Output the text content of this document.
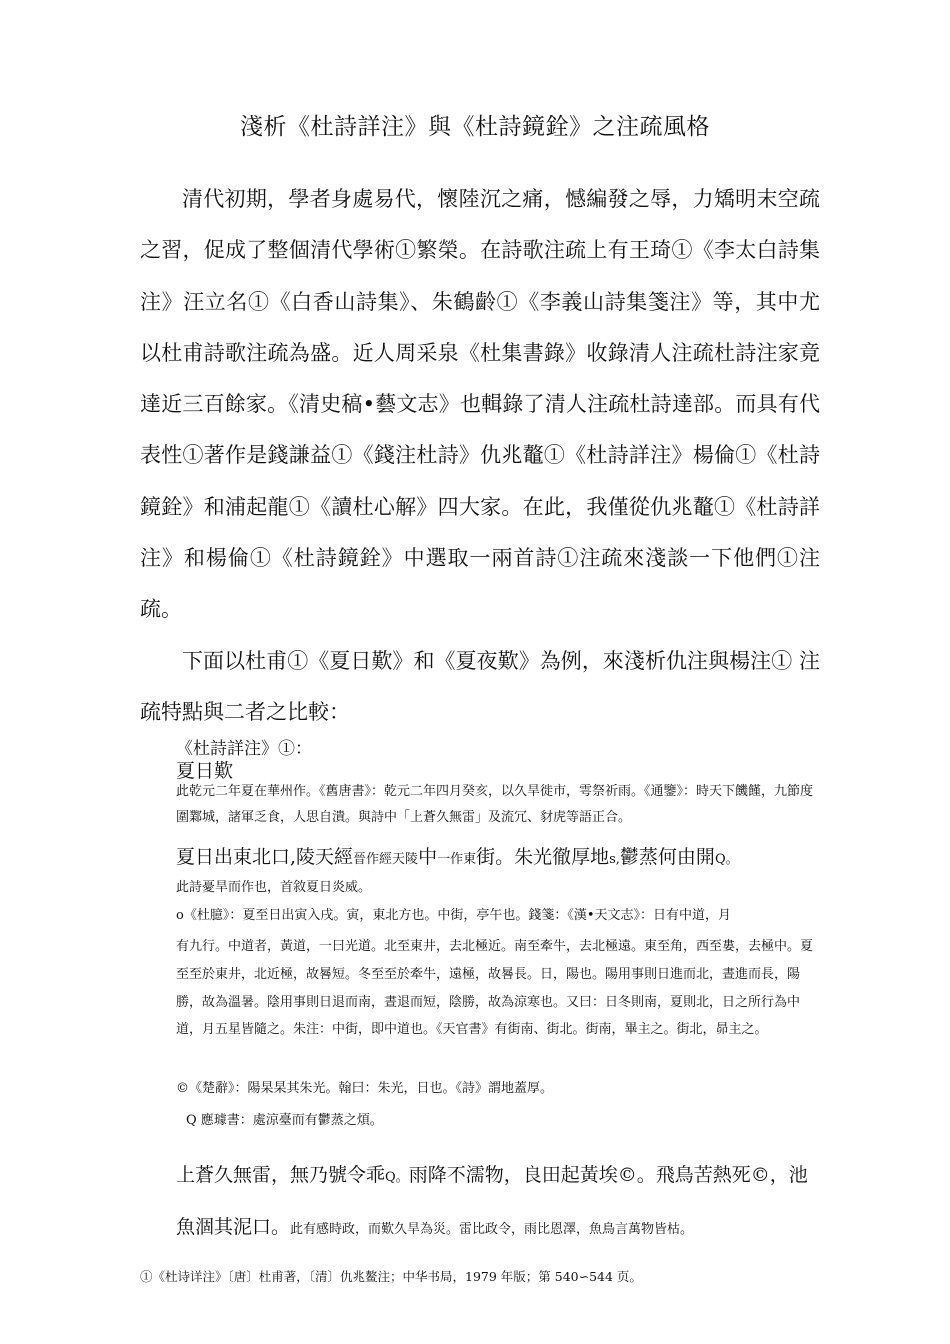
淺析《杜詩詳注》與《杜詩鏡銓》之注疏風格

清代初期，學者身處易代，懷陸沉之痛，憾編發之辱，力矯明末空疏之習，促成了整個清代學術①繁榮。在詩歌注疏上有王琦①《李太白詩集注》汪立名①《白香山詩集》、朱鶴齡①《李義山詩集箋注》等，其中尤以杜甫詩歌注疏為盛。近人周采泉《杜集書錄》收錄清人注疏杜詩注家竟達近三百餘家。《清史稿•藝文志》也輯錄了清人注疏杜詩達部。而具有代表性①著作是錢謙益①《錢注杜詩》仇兆鼇①《杜詩詳注》楊倫①《杜詩鏡銓》和浦起龍①《讀杜心解》四大家。在此，我僅從仇兆鼇①《杜詩詳注》和楊倫①《杜詩鏡銓》中選取一兩首詩①注疏來淺談一下他們①注疏。

下面以杜甫①《夏日歎》和《夏夜歎》為例，來淺析仇注與楊注① 注疏特點與二者之比較：

《杜詩詳注》①：
夏日歎
此乾元二年夏在華州作。《舊唐書》：乾元二年四月癸亥，以久旱徙市，雩祭祈雨。《通鑒》：時天下饑饉，九節度圍鄴城，諸軍乏食，人思自潰。與詩中「上蒼久無雷」及流冗、豺虎等語正合。
夏日出東北口,陵天經晉作經天陵中一作東街。朱光徹厚地s,鬱蒸何由開Q。
此詩憂旱而作也，首敘夏日炎威。
o《杜臆》：夏至日出寅入戌。寅，東北方也。中街，亭午也。錢箋：《漢•天文志》：日有中道，月
有九行。中道者，黃道，一曰光道。北至東井，去北極近。南至牽牛，去北極遠。東至角，西至婁，去極中。夏至至於東井，北近極，故晷短。冬至至於牽牛，遠極，故晷長。日，陽也。陽用事則日進而北，晝進而長，陽勝，故為溫暑。陰用事則日退而南，晝退而短，陰勝，故為涼寒也。又曰：日冬則南，夏則北，日之所行為中道，月五星皆隨之。朱注：中街，即中道也。《天官書》有街南、街北。街南，畢主之。街北，昴主之。
©《楚辭》：陽杲杲其朱光。翰曰：朱光，日也。《詩》謂地蓋厚。
Q 應璩書：處涼臺而有鬱蒸之煩。
上蒼久無雷，無乃號令乖Q。雨降不濡物，良田起黃埃©。飛鳥苦熱死©，池
魚涸其泥口。此有感時政，而歎久旱為災。雷比政令，雨比恩澤，魚鳥言萬物皆枯。
①《杜诗详注》〔唐〕杜甫著，〔清〕仇兆鳌注；中华书局，1979 年版；第 540∽544 页。
